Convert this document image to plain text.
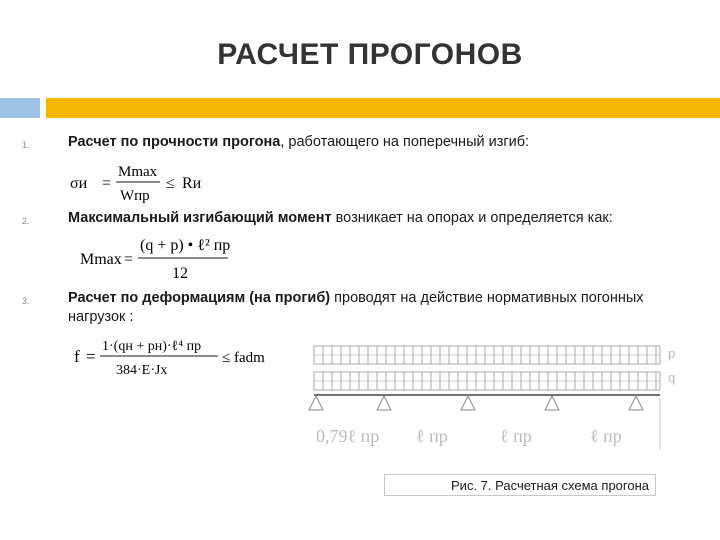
РАСЧЕТ ПРОГОНОВ
1.	Расчет по прочности прогона, работающего на поперечный изгиб:
σи =
Mmax
Wпр
≤ Rи
2.	Максимальный изгибающий момент возникает на опорах и определяется как:
Mmax =
(q + p) • ℓ² пр
12
3.	Расчет по деформациям (на прогиб) проводят на действие нормативных погонных нагрузок :
f =
1·(qн + pн)·ℓ⁴ пр
384·E·Jх
≤ fadm	р
q
0,79ℓ пр ℓ пр	ℓ пр	ℓ пр
Рис. 7. Расчетная схема прогона
